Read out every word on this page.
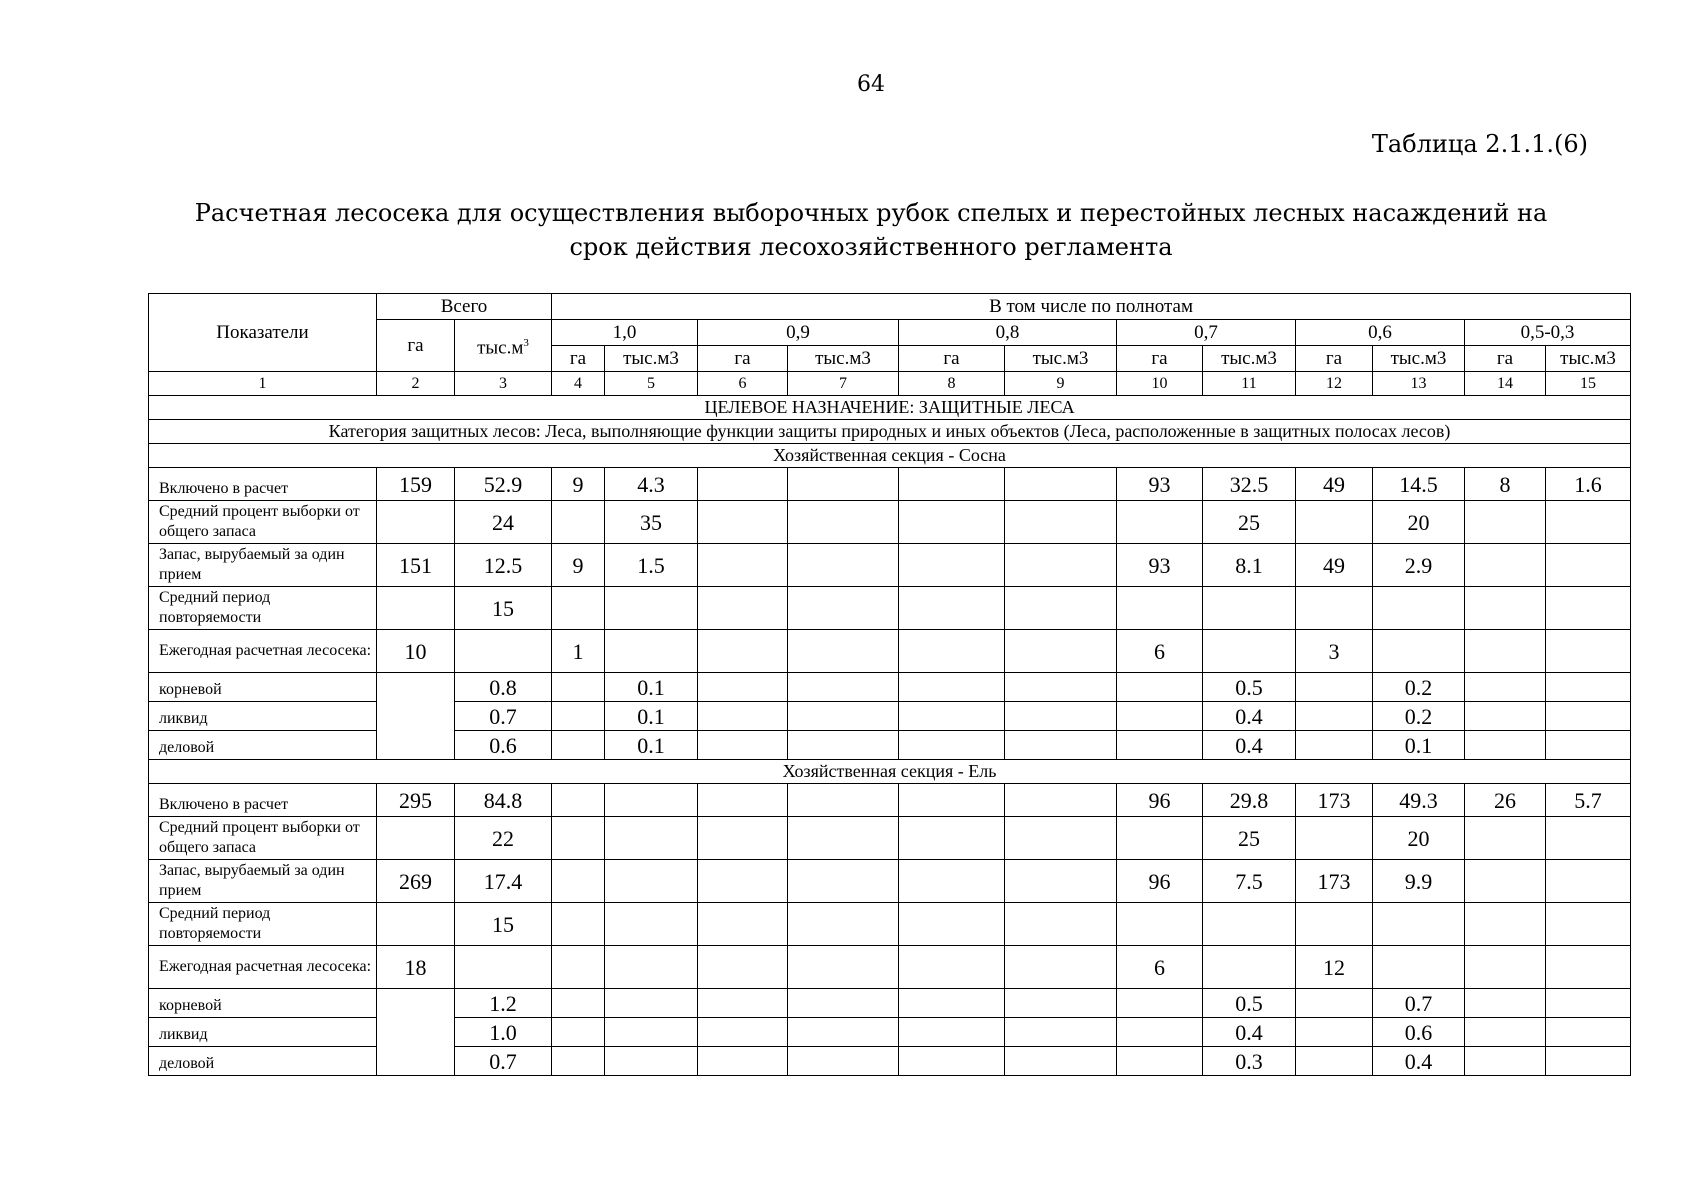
64
Таблица 2.1.1.(6)
Расчетная лесосека для осуществления выборочных рубок спелых и перестойных лесных насаждений на срок действия лесохозяйственного регламента
Показатели	Всего		В том числе по полнотам											
	га	$тыс.м^3$	1,0		0,9		0,8		0,7		0,6		0,5-0,3	
			га	тыс.м3	га	тыс.м3	га	тыс.м3	га	тыс.м3	га	тыс.м3	га	тыс.м3
1	2	3	4	5	6	7	8	9	10	11	12	13	14	15
ЦЕЛЕВОЕ НАЗНАЧЕНИЕ: ЗАЩИТНЫЕ ЛЕСА														
Категория защитных лесов: Леса, выполняющие функции защиты природных и иных объектов (Леса, расположенные в защитных полосах лесов)														
Хозяйственная секция - Сосна														
Включено в расчет	159	52.9	9	4.3					93	32.5	49	14.5	8	1.6
Средний процент выборки от общего запаса		24		35						25		20		
Запас, вырубаемый за один прием	151	12.5	9	1.5					93	8.1	49	2.9		
Средний период повторяемости		15												
Ежегодная расчетная лесосека:	10		1						6		3			
корневой		0.8		0.1						0.5		0.2		
ликвид		0.7		0.1						0.4		0.2		
деловой		0.6		0.1						0.4		0.1		
Хозяйственная секция - Ель														
Включено в расчет	295	84.8							96	29.8	173	49.3	26	5.7
Средний процент выборки от общего запаса		22								25		20		
Запас, вырубаемый за один прием	269	17.4							96	7.5	173	9.9		
Средний период повторяемости		15												
Ежегодная расчетная лесосека:	18								6		12			
корневой		1.2								0.5		0.7		
ликвид		1.0								0.4		0.6		
деловой		0.7								0.3		0.4		
